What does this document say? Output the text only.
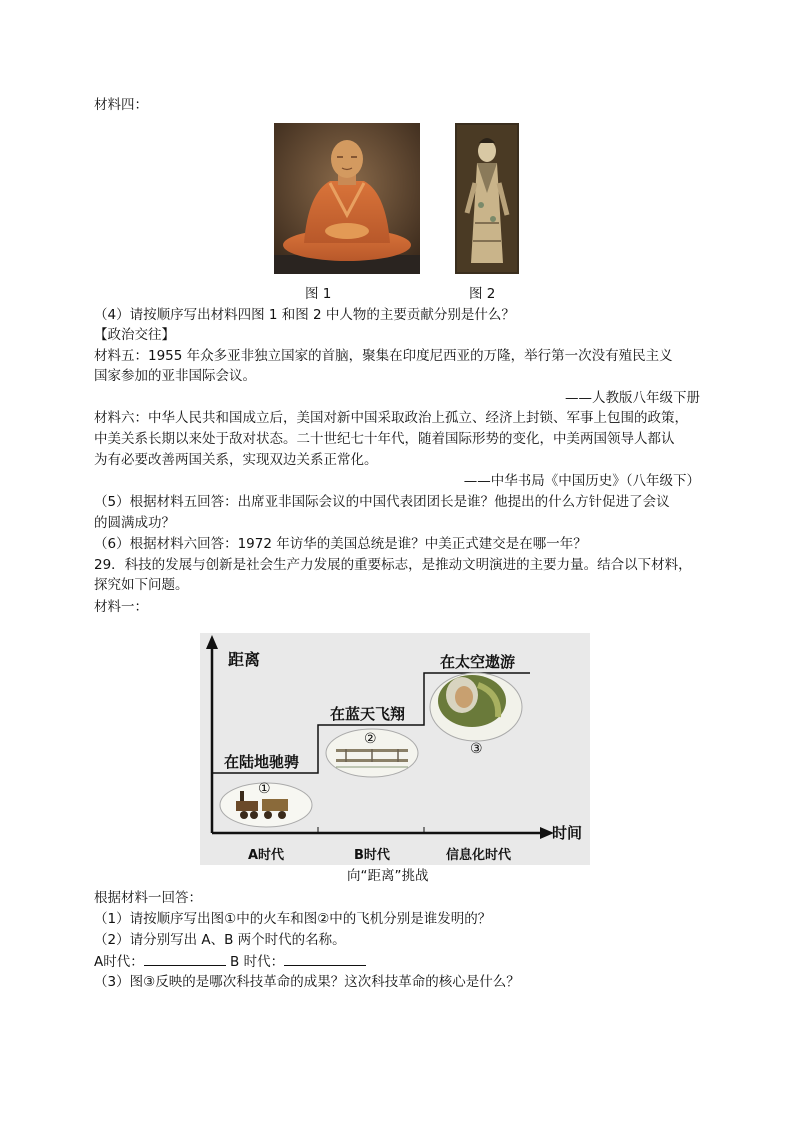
材料四：
图 1	图 2
（4）请按顺序写出材料四图 1 和图 2 中人物的主要贡献分别是什么？
【政治交往】
材料五：1955 年众多亚非独立国家的首脑，聚集在印度尼西亚的万隆，举行第一次没有殖民主义
国家参加的亚非国际会议。
——人教版八年级下册
材料六：中华人民共和国成立后，美国对新中国采取政治上孤立、经济上封锁、军事上包围的政策，
中美关系长期以来处于敌对状态。二十世纪七十年代，随着国际形势的变化，中美两国领导人都认
为有必要改善两国关系，实现双边关系正常化。
——中华书局《中国历史》（八年级下）
（5）根据材料五回答：出席亚非国际会议的中国代表团团长是谁？他提出的什么方针促进了会议
的圆满成功？
（6）根据材料六回答：1972 年访华的美国总统是谁？中美正式建交是在哪一年？
29．科技的发展与创新是社会生产力发展的重要标志，是推动文明演进的主要力量。结合以下材料，
探究如下问题。
材料一：
距离
时间
在陆地驰骋
在蓝天飞翔
在太空遨游
①
②
③
A时代	B时代	信息化时代
向“距离”挑战
根据材料一回答：
（1）请按顺序写出图①中的火车和图②中的飞机分别是谁发明的？
（2）请分别写出 A、B 两个时代的名称。
A时代：	B 时代：
（3）图③反映的是哪次科技革命的成果？这次科技革命的核心是什么？
